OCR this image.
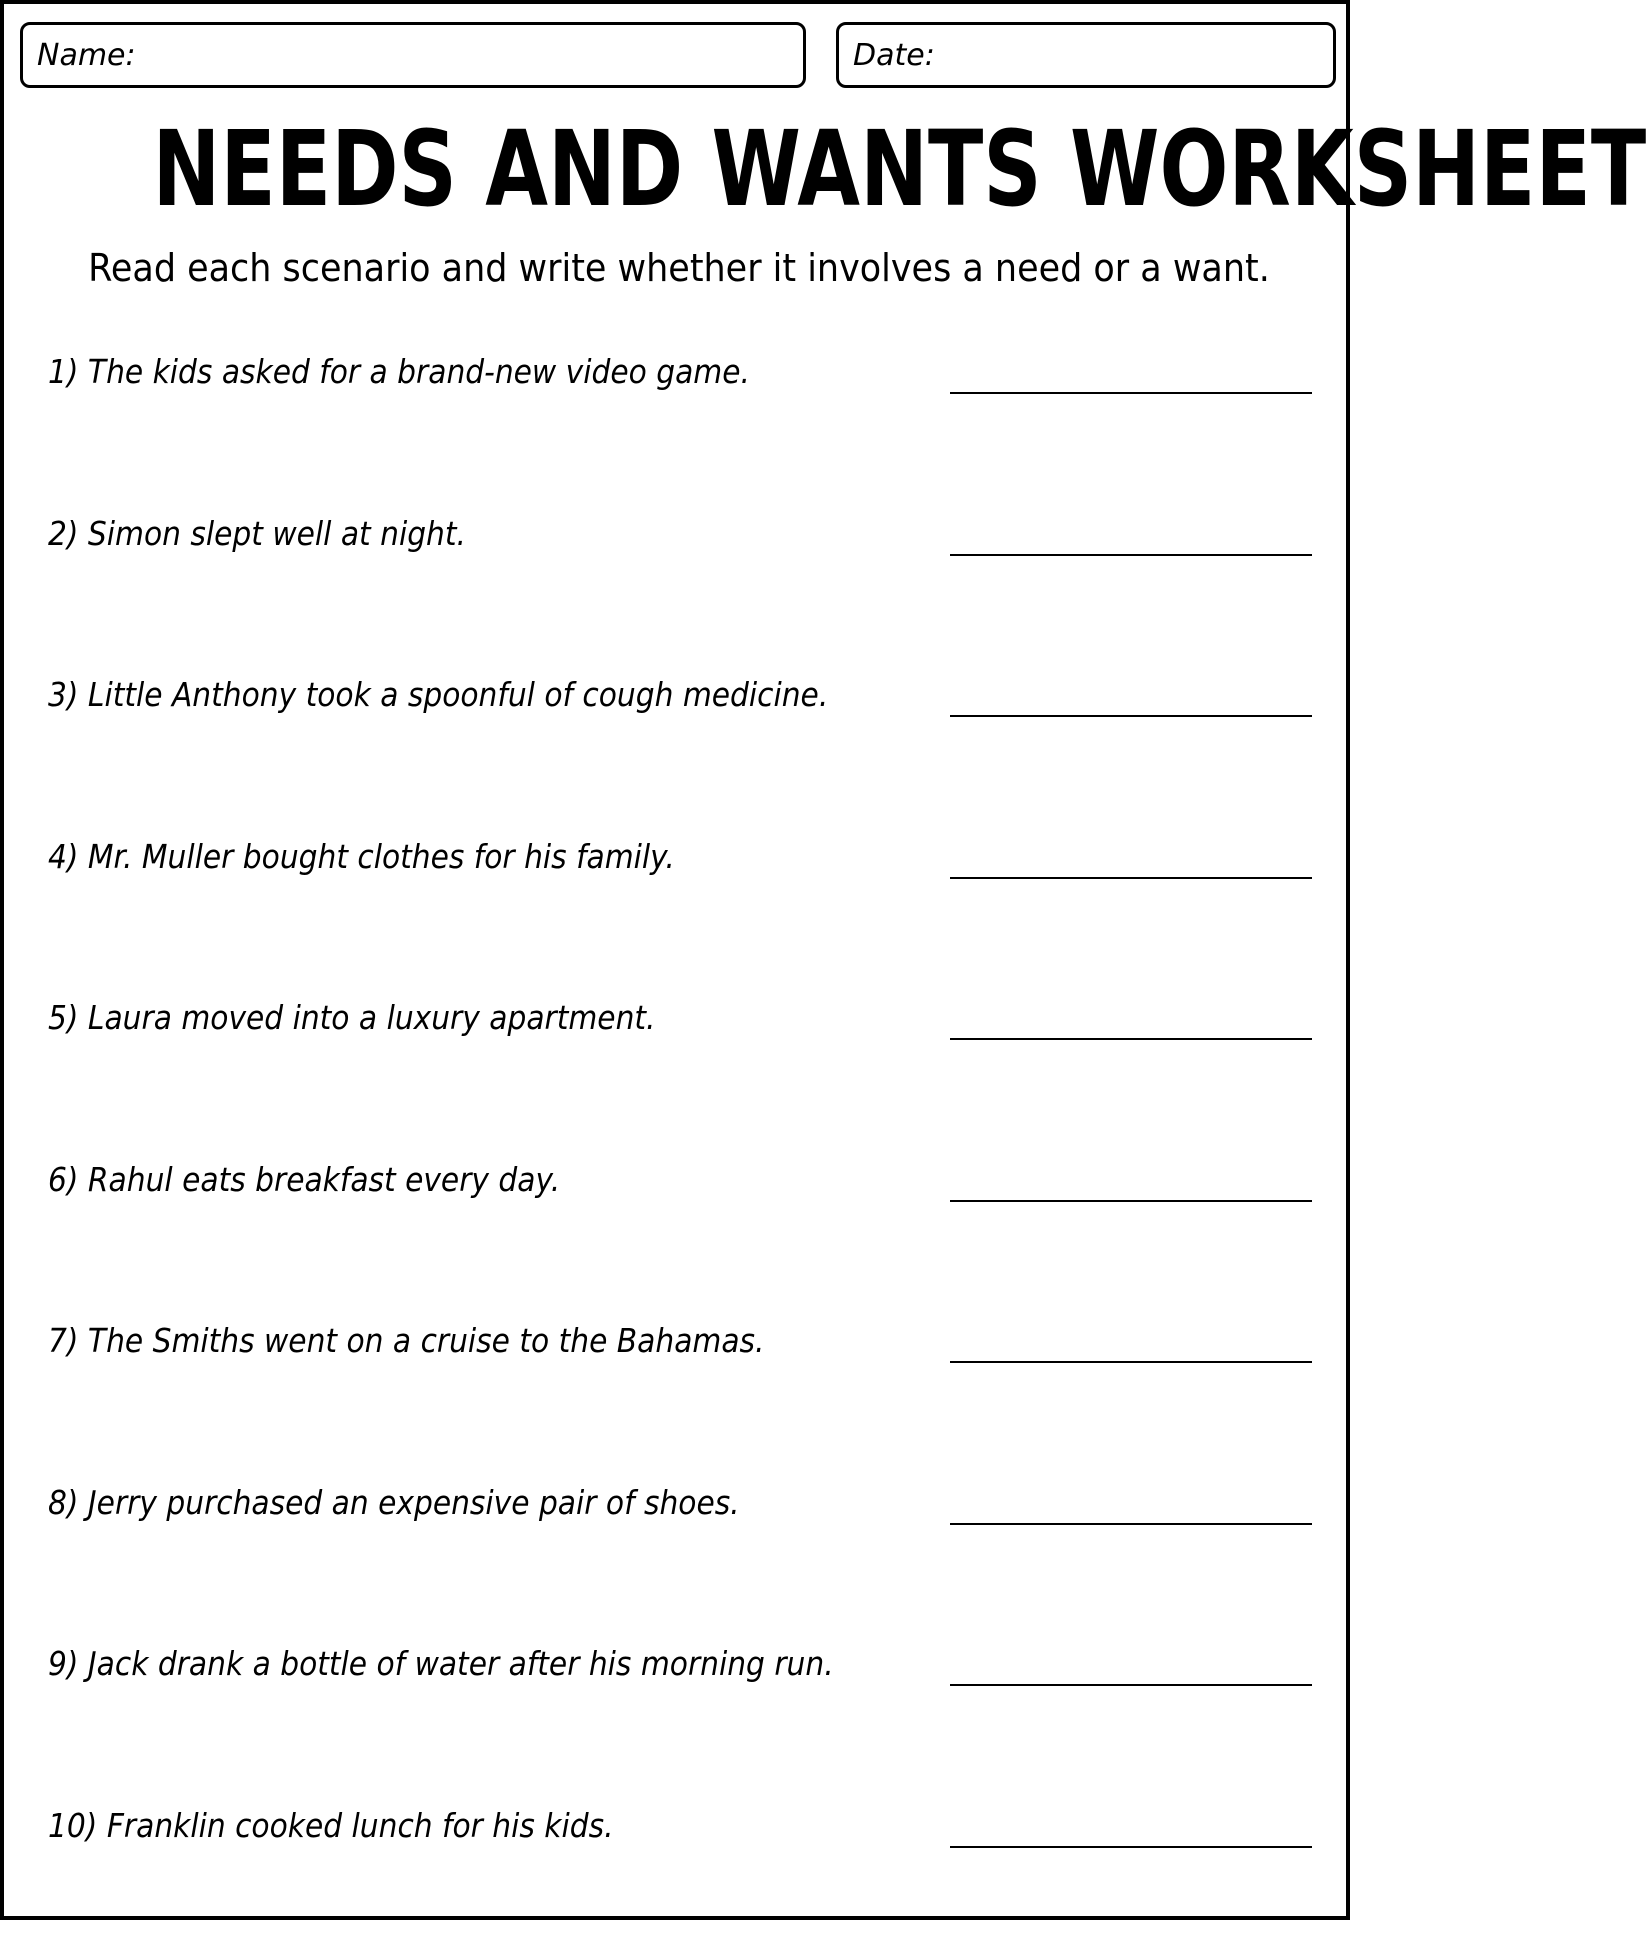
Name:	Date:
NEEDS AND WANTS WORKSHEET
Read each scenario and write whether it involves a need or a want.
1) The kids asked for a brand-new video game.
2) Simon slept well at night.
3) Little Anthony took a spoonful of cough medicine.
4) Mr. Muller bought clothes for his family.
5) Laura moved into a luxury apartment.
6) Rahul eats breakfast every day.
7) The Smiths went on a cruise to the Bahamas.
8) Jerry purchased an expensive pair of shoes.
9) Jack drank a bottle of water after his morning run.
10) Franklin cooked lunch for his kids.
